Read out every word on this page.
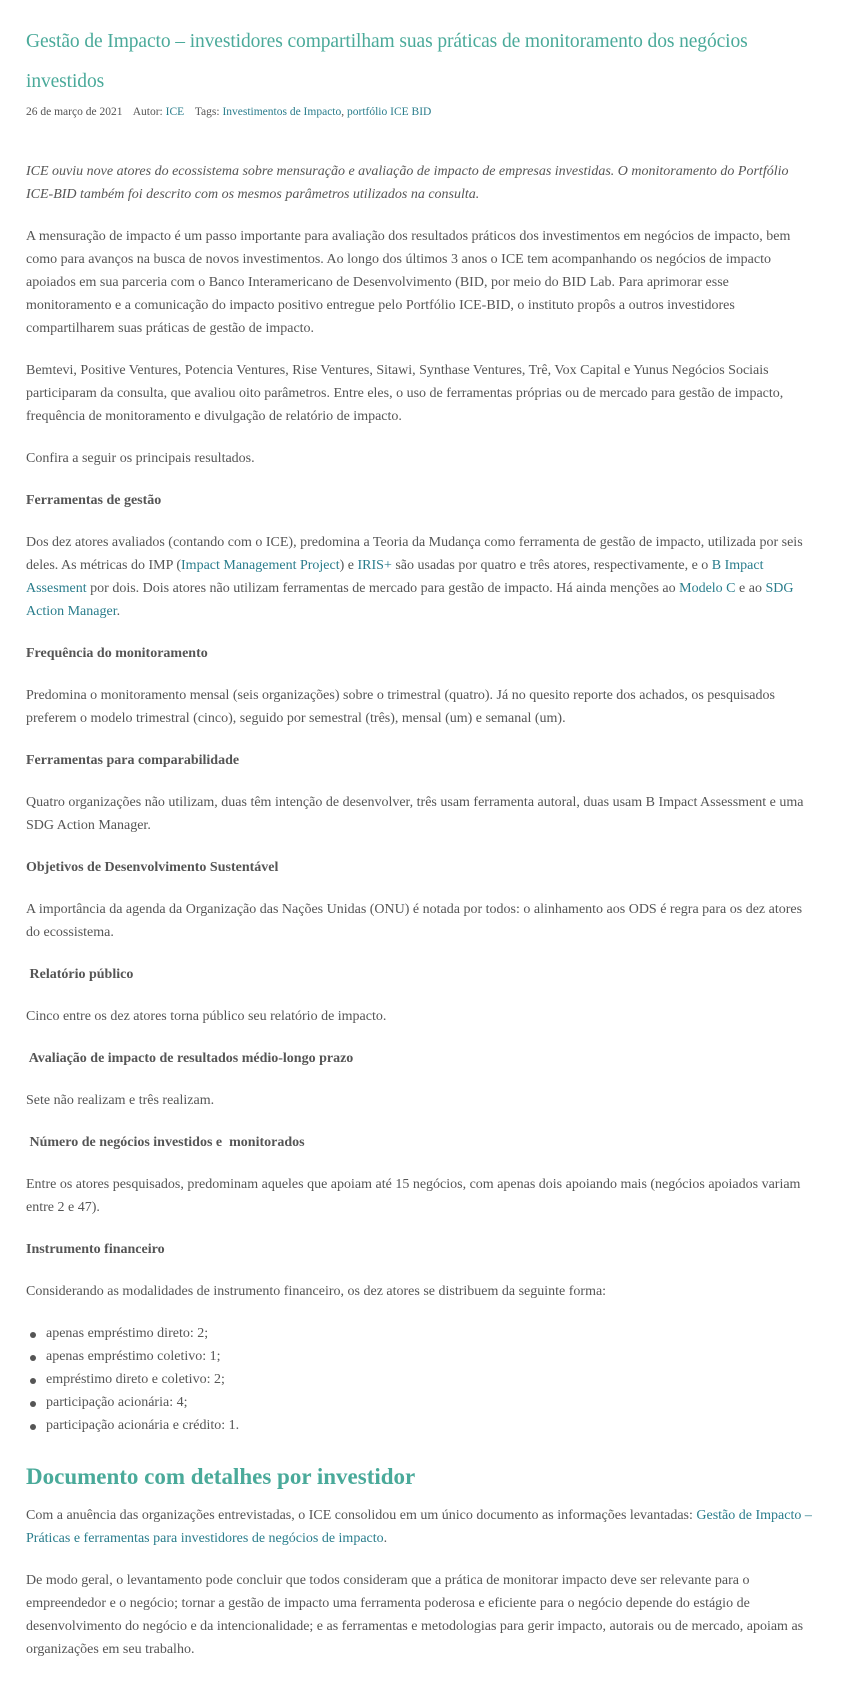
Gestão de Impacto – investidores compartilham suas práticas de monitoramento dos negócios investidos
26 de março de 2021 Autor: ICE Tags: Investimentos de Impacto, portfólio ICE BID

ICE ouviu nove atores do ecossistema sobre mensuração e avaliação de impacto de empresas investidas. O monitoramento do Portfólio ICE-BID também foi descrito com os mesmos parâmetros utilizados na consulta.

A mensuração de impacto é um passo importante para avaliação dos resultados práticos dos investimentos em negócios de impacto, bem como para avanços na busca de novos investimentos. Ao longo dos últimos 3 anos o ICE tem acompanhando os negócios de impacto apoiados em sua parceria com o Banco Interamericano de Desenvolvimento (BID, por meio do BID Lab. Para aprimorar esse monitoramento e a comunicação do impacto positivo entregue pelo Portfólio ICE-BID, o instituto propôs a outros investidores compartilharem suas práticas de gestão de impacto.

Bemtevi, Positive Ventures, Potencia Ventures, Rise Ventures, Sitawi, Synthase Ventures, Trê, Vox Capital e Yunus Negócios Sociais participaram da consulta, que avaliou oito parâmetros. Entre eles, o uso de ferramentas próprias ou de mercado para gestão de impacto, frequência de monitoramento e divulgação de relatório de impacto.

Confira a seguir os principais resultados.

Ferramentas de gestão

Dos dez atores avaliados (contando com o ICE), predomina a Teoria da Mudança como ferramenta de gestão de impacto, utilizada por seis deles. As métricas do IMP (Impact Management Project) e IRIS+ são usadas por quatro e três atores, respectivamente, e o B Impact Assesment por dois. Dois atores não utilizam ferramentas de mercado para gestão de impacto. Há ainda menções ao Modelo C e ao SDG Action Manager.

Frequência do monitoramento

Predomina o monitoramento mensal (seis organizações) sobre o trimestral (quatro). Já no quesito reporte dos achados, os pesquisados preferem o modelo trimestral (cinco), seguido por semestral (três), mensal (um) e semanal (um).

Ferramentas para comparabilidade

Quatro organizações não utilizam, duas têm intenção de desenvolver, três usam ferramenta autoral, duas usam B Impact Assessment e uma SDG Action Manager.

Objetivos de Desenvolvimento Sustentável

A importância da agenda da Organização das Nações Unidas (ONU) é notada por todos: o alinhamento aos ODS é regra para os dez atores do ecossistema.

Relatório público

Cinco entre os dez atores torna público seu relatório de impacto.

Avaliação de impacto de resultados médio-longo prazo

Sete não realizam e três realizam.

Número de negócios investidos e  monitorados

Entre os atores pesquisados, predominam aqueles que apoiam até 15 negócios, com apenas dois apoiando mais (negócios apoiados variam entre 2 e 47).

Instrumento financeiro

Considerando as modalidades de instrumento financeiro, os dez atores se distribuem da seguinte forma:

apenas empréstimo direto: 2;
apenas empréstimo coletivo: 1;
empréstimo direto e coletivo: 2;
participação acionária: 4;
participação acionária e crédito: 1.
Documento com detalhes por investidor

Com a anuência das organizações entrevistadas, o ICE consolidou em um único documento as informações levantadas: Gestão de Impacto – Práticas e ferramentas para investidores de negócios de impacto.

De modo geral, o levantamento pode concluir que todos consideram que a prática de monitorar impacto deve ser relevante para o empreendedor e o negócio; tornar a gestão de impacto uma ferramenta poderosa e eficiente para o negócio depende do estágio de desenvolvimento do negócio e da intencionalidade; e as ferramentas e metodologias para gerir impacto, autorais ou de mercado, apoiam as organizações em seu trabalho.
